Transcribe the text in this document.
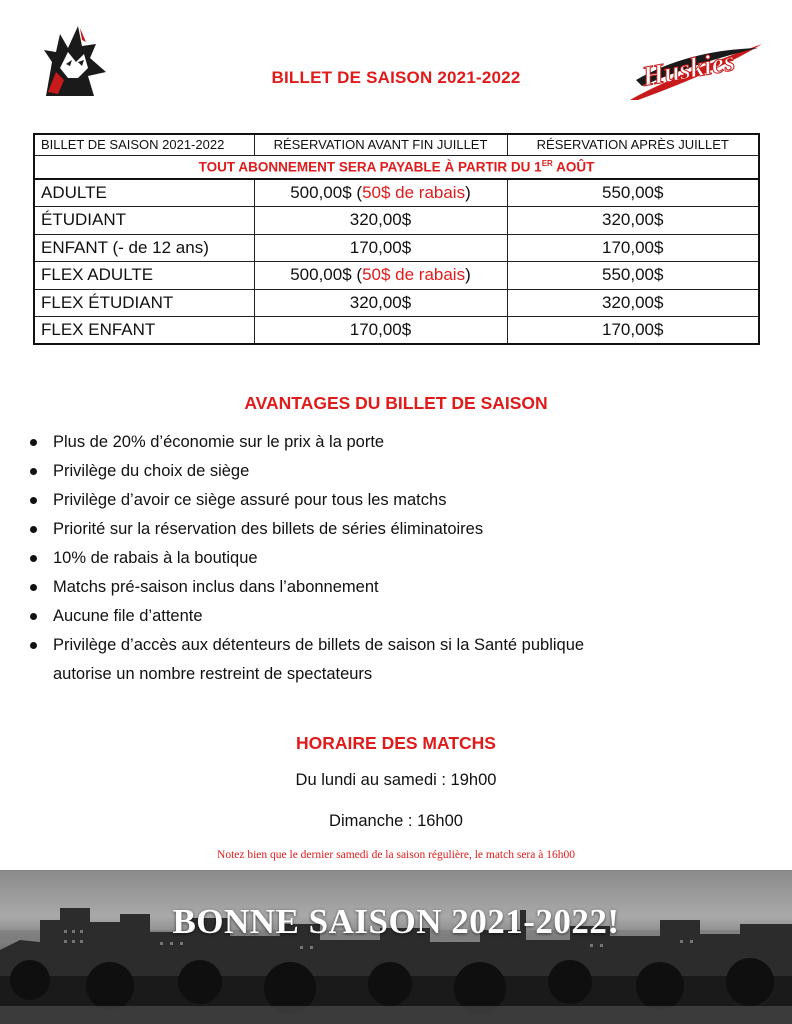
Huskies
BILLET DE SAISON 2021-2022
BILLET DE SAISON 2021-2022	RÉSERVATION AVANT FIN JUILLET	RÉSERVATION APRÈS JUILLET
TOUT ABONNEMENT SERA PAYABLE À PARTIR DU 1ER AOÛT		
ADULTE	500,00$ (50$ de rabais)	550,00$
ÉTUDIANT	320,00$	320,00$
ENFANT (- de 12 ans)	170,00$	170,00$
FLEX ADULTE	500,00$ (50$ de rabais)	550,00$
FLEX ÉTUDIANT	320,00$	320,00$
FLEX ENFANT	170,00$	170,00$
AVANTAGES DU BILLET DE SAISON
Plus de 20% d’économie sur le prix à la porte
Privilège du choix de siège
Privilège d’avoir ce siège assuré pour tous les matchs
Priorité sur la réservation des billets de séries éliminatoires
10% de rabais à la boutique
Matchs pré-saison inclus dans l’abonnement
Aucune file d’attente
Privilège d’accès aux détenteurs de billets de saison si la Santé publique
autorise un nombre restreint de spectateurs
HORAIRE DES MATCHS
Du lundi au samedi : 19h00
Dimanche : 16h00
Notez bien que le dernier samedi de la saison régulière, le match sera à 16h00
BONNE SAISON 2021-2022!
